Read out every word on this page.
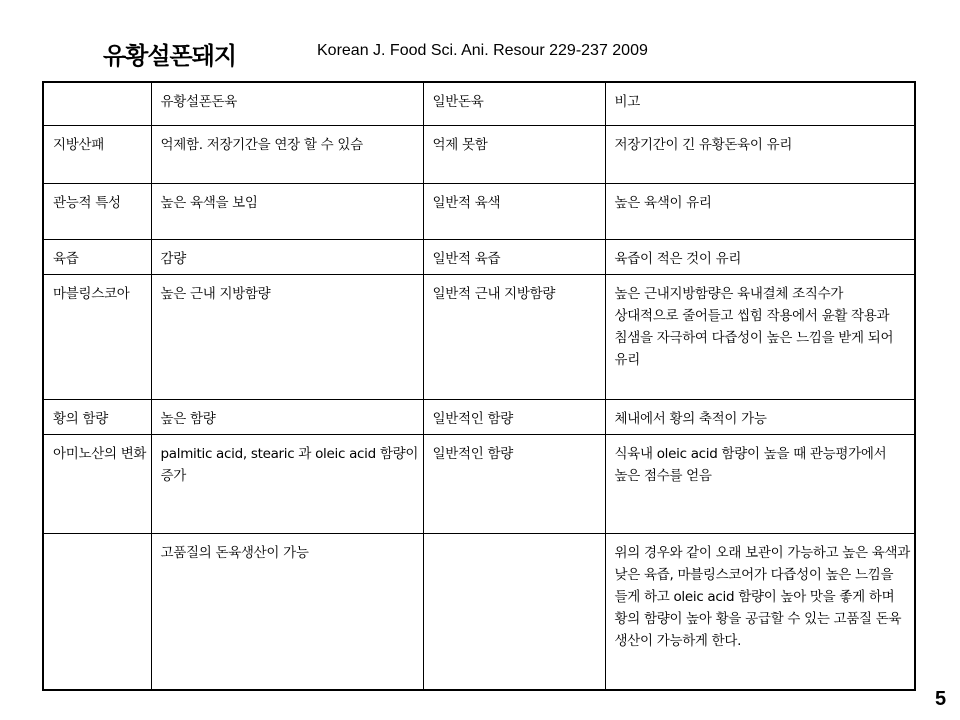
유황설폰돼지	Korean J. Food Sci. Ani. Resour 229-237 2009
	유황설폰돈육	일반돈육	비고
지방산패	억제함. 저장기간을 연장 할 수 있슴	억제 못함	저장기간이 긴 유황돈육이 유리
관능적 특성	높은 육색을 보임	일반적 육색	높은 육색이 유리
육즙	감량	일반적 육즙	육즙이 적은 것이 유리
마블링스코아	높은 근내 지방함량	일반적 근내 지방함량	높은 근내지방함량은 육내결체 조직수가 상대적으로 줄어들고 씹힘 작용에서 윤활 작용과 침샘을 자극하여 다즙성이 높은 느낌을 받게 되어 유리
황의 함량	높은 함량	일반적인 함량	체내에서 황의 축적이 가능
아미노산의 변화	palmitic acid, stearic 과 oleic acid 함량이 증가	일반적인 함량	식육내 oleic acid 함량이 높을 때 관능평가에서 높은 점수를 얻음
	고품질의 돈육생산이 가능		위의 경우와 같이 오래 보관이 가능하고 높은 육색과 낮은 육즙, 마블링스코어가 다즙성이 높은 느낌을 들게 하고 oleic acid 함량이 높아 맛을 좋게 하며 황의 함량이 높아 황을 공급할 수 있는 고품질 돈육 생산이 가능하게 한다.
5
